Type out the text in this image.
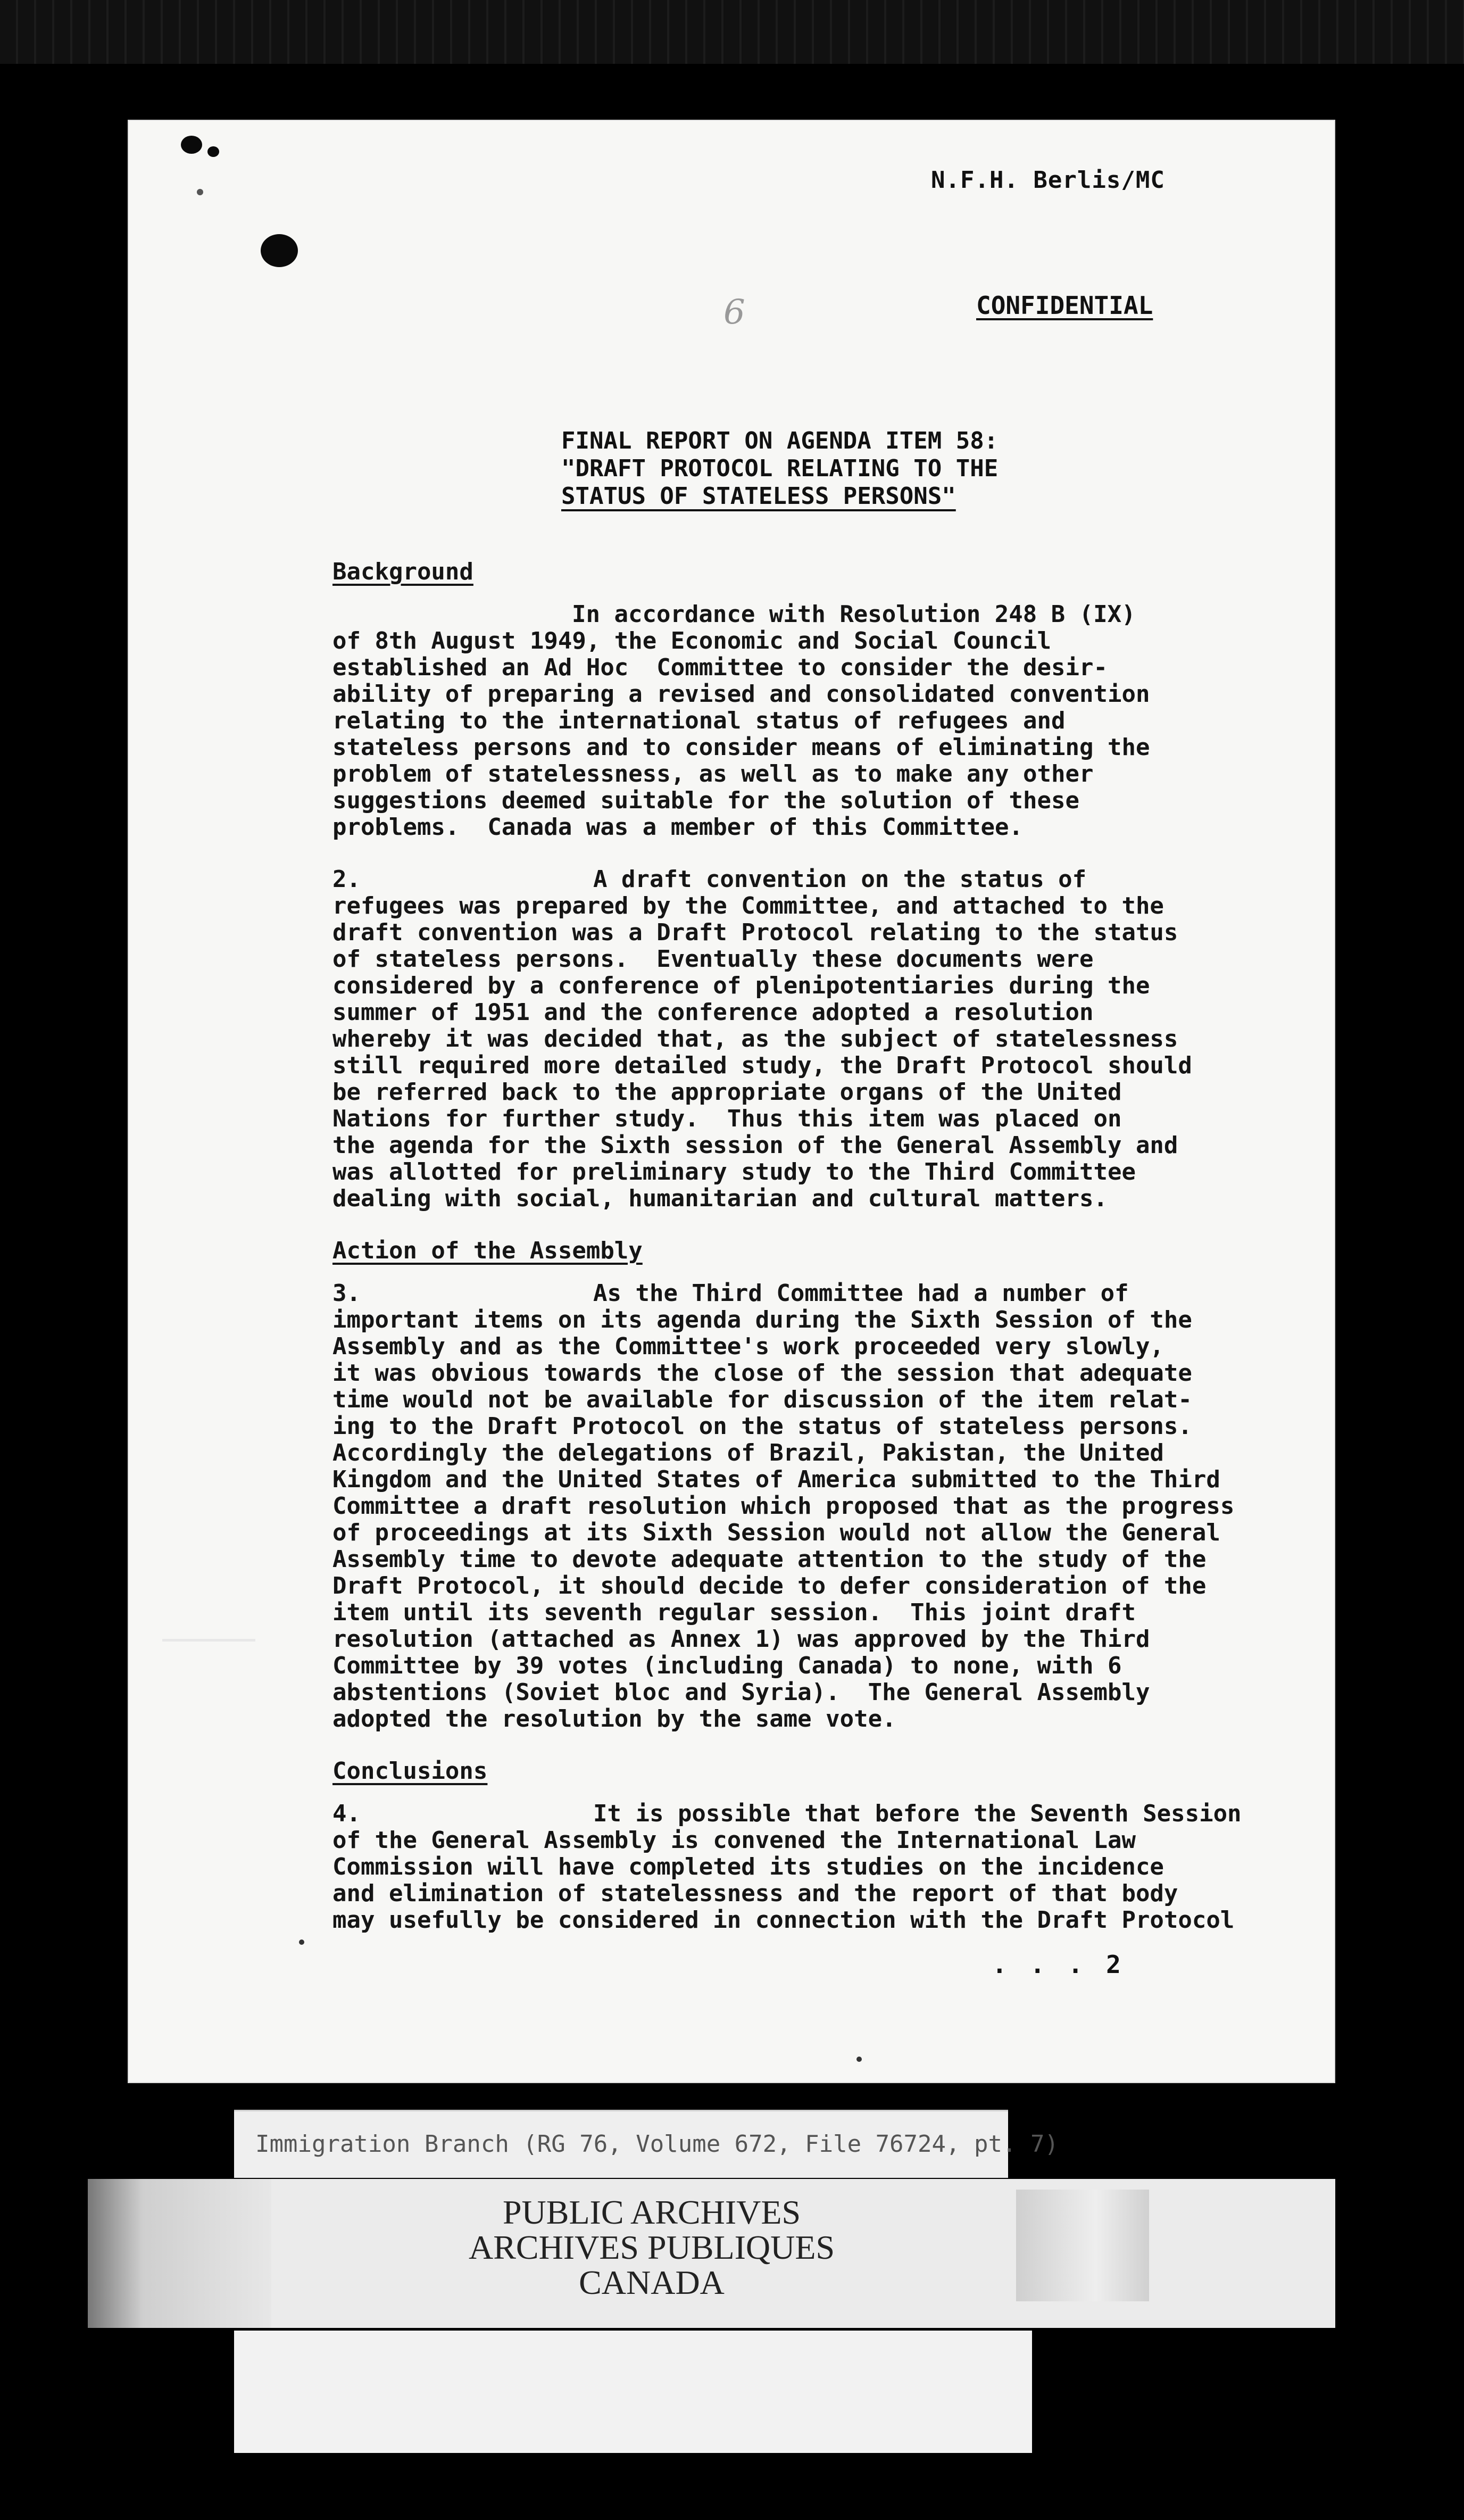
N.F.H. Berlis/MC
6	CONFIDENTIAL
FINAL REPORT ON AGENDA ITEM 58:
"DRAFT PROTOCOL RELATING TO THE
STATUS OF STATELESS PERSONS"
Background
In accordance with Resolution 248 B (IX)
of 8th August 1949, the Economic and Social Council
established an Ad Hoc  Committee to consider the desir-
ability of preparing a revised and consolidated convention
relating to the international status of refugees and
stateless persons and to consider means of eliminating the
problem of statelessness, as well as to make any other
suggestions deemed suitable for the solution of these
problems.  Canada was a member of this Committee.
2.	A draft convention on the status of
refugees was prepared by the Committee, and attached to the
draft convention was a Draft Protocol relating to the status
of stateless persons.  Eventually these documents were
considered by a conference of plenipotentiaries during the
summer of 1951 and the conference adopted a resolution
whereby it was decided that, as the subject of statelessness
still required more detailed study, the Draft Protocol should
be referred back to the appropriate organs of the United
Nations for further study.  Thus this item was placed on
the agenda for the Sixth session of the General Assembly and
was allotted for preliminary study to the Third Committee
dealing with social, humanitarian and cultural matters.
Action of the Assembly
3.	As the Third Committee had a number of
important items on its agenda during the Sixth Session of the
Assembly and as the Committee's work proceeded very slowly,
it was obvious towards the close of the session that adequate
time would not be available for discussion of the item relat-
ing to the Draft Protocol on the status of stateless persons.
Accordingly the delegations of Brazil, Pakistan, the United
Kingdom and the United States of America submitted to the Third
Committee a draft resolution which proposed that as the progress
of proceedings at its Sixth Session would not allow the General
Assembly time to devote adequate attention to the study of the
Draft Protocol, it should decide to defer consideration of the
item until its seventh regular session.  This joint draft
resolution (attached as Annex 1) was approved by the Third
Committee by 39 votes (including Canada) to none, with 6
abstentions (Soviet bloc and Syria).  The General Assembly
adopted the resolution by the same vote.
Conclusions
4.	It is possible that before the Seventh Session
of the General Assembly is convened the International Law
Commission will have completed its studies on the incidence
and elimination of statelessness and the report of that body
may usefully be considered in connection with the Draft Protocol
. . . 2
Immigration Branch (RG 76, Volume 672, File 76724, pt. 7)
PUBLIC ARCHIVES
ARCHIVES PUBLIQUES
CANADA
